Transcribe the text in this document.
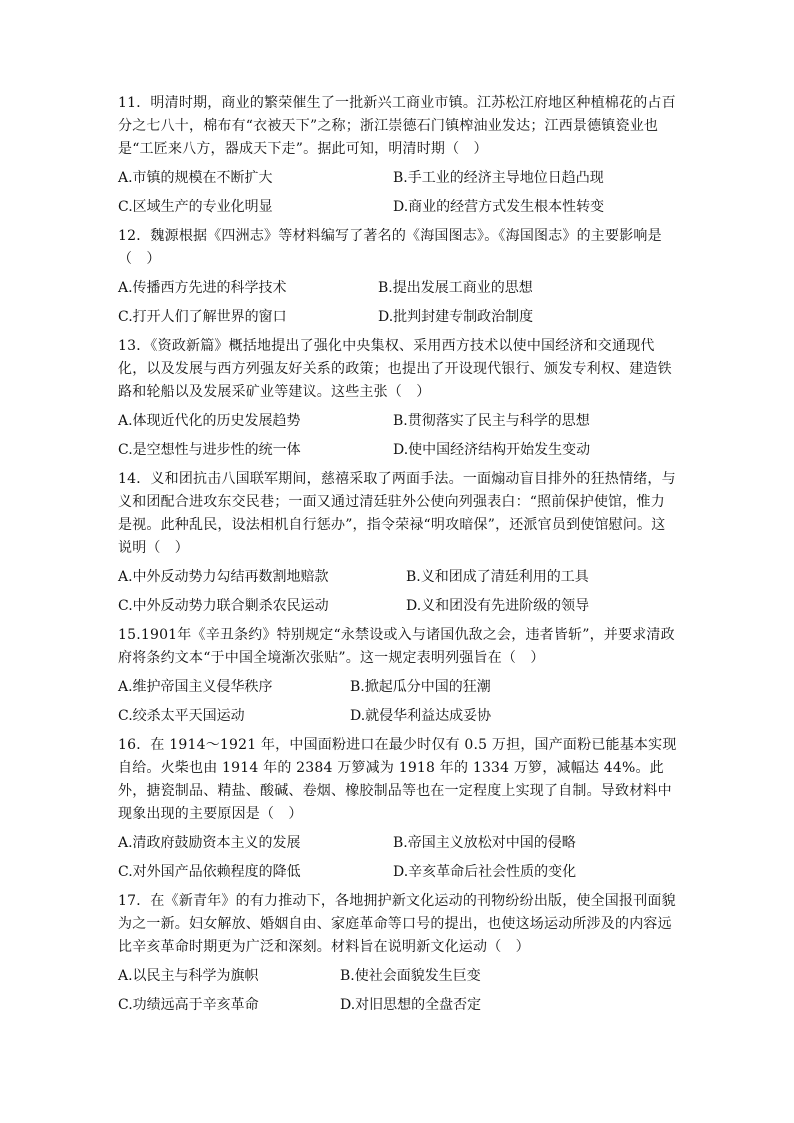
11．明清时期，商业的繁荣催生了一批新兴工商业市镇。江苏松江府地区种植棉花的占百分之七八十，棉布有“衣被天下”之称；浙江崇德石门镇榨油业发达；江西景德镇瓷业也是“工匠来八方，器成天下走”。据此可知，明清时期（　）

A.市镇的规模在不断扩大	B.手工业的经济主导地位日趋凸现
C.区域生产的专业化明显	D.商业的经营方式发生根本性转变

12．魏源根据《四洲志》等材料编写了著名的《海国图志》。《海国图志》的主要影响是（　）

A.传播西方先进的科学技术	B.提出发展工商业的思想
C.打开人们了解世界的窗口	D.批判封建专制政治制度

13．《资政新篇》概括地提出了强化中央集权、采用西方技术以使中国经济和交通现代化，以及发展与西方列强友好关系的政策；也提出了开设现代银行、颁发专利权、建造铁路和轮船以及发展采矿业等建议。这些主张（　）

A.体现近代化的历史发展趋势	B.贯彻落实了民主与科学的思想
C.是空想性与进步性的统一体	D.使中国经济结构开始发生变动

14．义和团抗击八国联军期间，慈禧采取了两面手法。一面煽动盲目排外的狂热情绪，与义和团配合进攻东交民巷；一面又通过清廷驻外公使向列强表白：“照前保护使馆，惟力是视。此种乱民，设法相机自行惩办”，指令荣禄“明攻暗保”，还派官员到使馆慰问。这说明（　）

A.中外反动势力勾结再数割地赔款	B.义和团成了清廷利用的工具
C.中外反动势力联合剿杀农民运动	D.义和团没有先进阶级的领导

15.1901年《辛丑条约》特别规定“永禁设或入与诸国仇敌之会，违者皆斩”，并要求清政府将条约文本“于中国全境渐次张贴”。这一规定表明列强旨在（　）

A.维护帝国主义侵华秩序	B.掀起瓜分中国的狂潮
C.绞杀太平天国运动	D.就侵华利益达成妥协

16．在 1914～1921 年，中国面粉进口在最少时仅有 0.5 万担，国产面粉已能基本实现自给。火柴也由 1914 年的 2384 万箩减为 1918 年的 1334 万箩，减幅达 44%。此外，搪瓷制品、精盐、酸碱、卷烟、橡胶制品等也在一定程度上实现了自制。导致材料中现象出现的主要原因是（　）

A.清政府鼓励资本主义的发展	B.帝国主义放松对中国的侵略
C.对外国产品依赖程度的降低	D.辛亥革命后社会性质的变化

17．在《新青年》的有力推动下，各地拥护新文化运动的刊物纷纷出版，使全国报刊面貌为之一新。妇女解放、婚姻自由、家庭革命等口号的提出，也使这场运动所涉及的内容远比辛亥革命时期更为广泛和深刻。材料旨在说明新文化运动（　）

A.以民主与科学为旗帜	B.使社会面貌发生巨变
C.功绩远高于辛亥革命	D.对旧思想的全盘否定
